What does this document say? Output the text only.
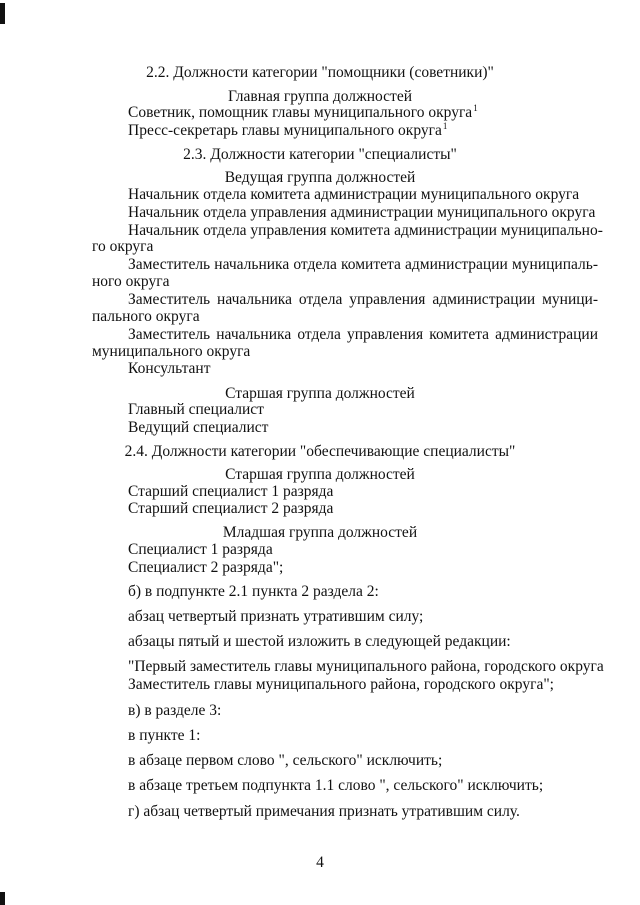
2.2. Должности категории "помощники (советники)"
Главная группа должностей
Советник, помощник главы муниципального округа$^1$
Пресс-секретарь главы муниципального округа$^1$
2.3. Должности категории "специалисты"
Ведущая группа должностей
Начальник отдела комитета администрации муниципального округа
Начальник отдела управления администрации муниципального округа
Начальник отдела управления комитета администрации муниципально-
го округа
Заместитель начальника отдела комитета администрации муниципаль-
ного округа
Заместитель начальника отдела управления администрации муници-
пального округа
Заместитель начальника отдела управления комитета администрации
муниципального округа
Консультант
Старшая группа должностей
Главный специалист
Ведущий специалист
2.4. Должности категории "обеспечивающие специалисты"
Старшая группа должностей
Старший специалист 1 разряда
Старший специалист 2 разряда
Младшая группа должностей
Специалист 1 разряда
Специалист 2 разряда";
б) в подпункте 2.1 пункта 2 раздела 2:
абзац четвертый признать утратившим силу;
абзацы пятый и шестой изложить в следующей редакции:
"Первый заместитель главы муниципального района, городского округа
Заместитель главы муниципального района, городского округа";
в) в разделе 3:
в пункте 1:
в абзаце первом слово ", сельского" исключить;
в абзаце третьем подпункта 1.1 слово ", сельского" исключить;
г) абзац четвертый примечания признать утратившим силу.
4
